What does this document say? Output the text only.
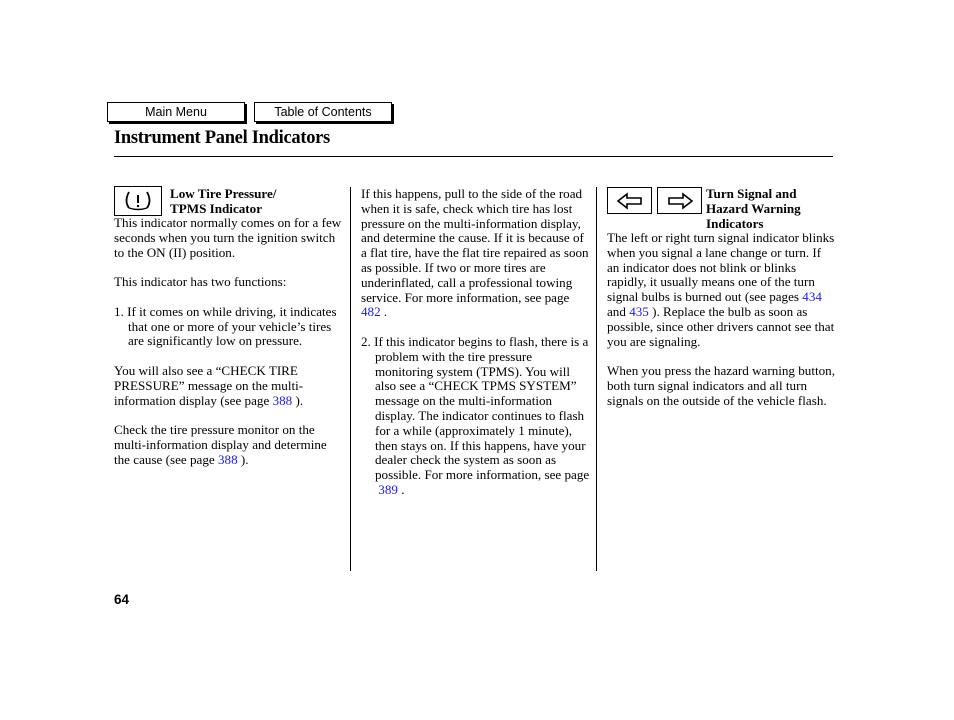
Main Menu	Table of Contents
Instrument Panel Indicators
Low Tire Pressure/
TPMS Indicator

This indicator normally comes on for a few seconds when you turn the ignition switch to the ON (II) position.

This indicator has two functions:

1. If it comes on while driving, it indicates that one or more of your vehicle’s tires are significantly low on pressure.

You will also see a “CHECK TIRE PRESSURE” message on the multi-information display (see page 388 ).

Check the tire pressure monitor on the multi-information display and determine the cause (see page 388 ).

If this happens, pull to the side of the road when it is safe, check which tire has lost pressure on the multi-information display, and determine the cause. If it is because of a flat tire, have the flat tire repaired as soon as possible. If two or more tires are underinflated, call a professional towing service. For more information, see page 482 .

2. If this indicator begins to flash, there is a problem with the tire pressure monitoring system (TPMS). You will also see a “CHECK TPMS SYSTEM” message on the multi-information display. The indicator continues to flash for a while (approximately 1 minute), then stays on. If this happens, have your dealer check the system as soon as possible. For more information, see page
389 .

Turn Signal and
Hazard Warning
Indicators

The left or right turn signal indicator blinks when you signal a lane change or turn. If an indicator does not blink or blinks rapidly, it usually means one of the turn signal bulbs is burned out (see pages 434 and 435 ). Replace the bulb as soon as possible, since other drivers cannot see that you are signaling.

When you press the hazard warning button, both turn signal indicators and all turn signals on the outside of the vehicle flash.

64
